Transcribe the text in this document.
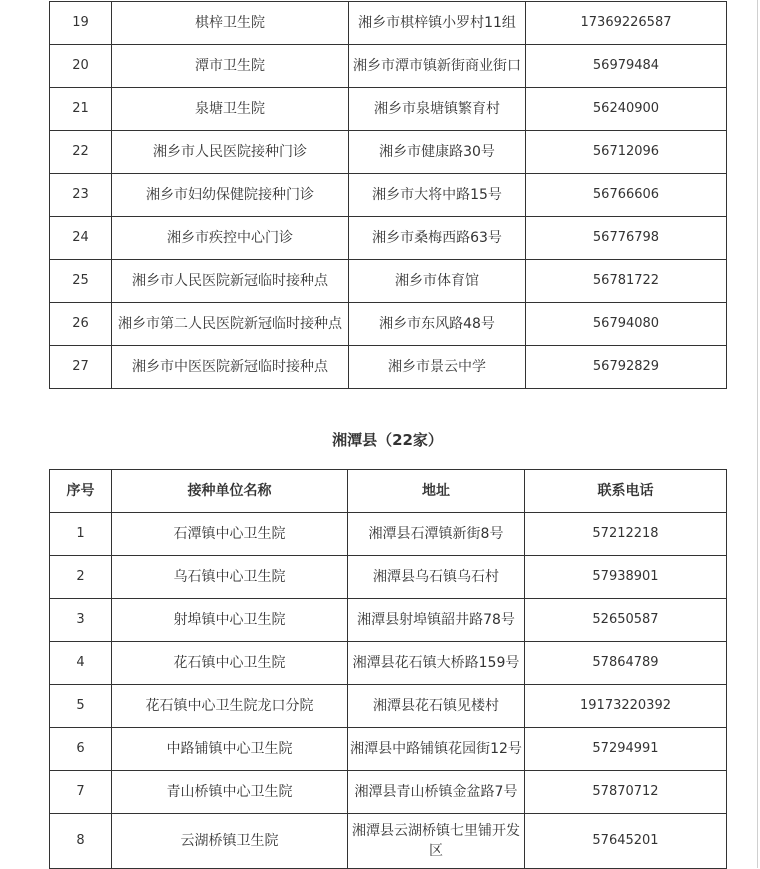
19	棋梓卫生院	湘乡市棋梓镇小罗村11组	17369226587
20	潭市卫生院	湘乡市潭市镇新街商业街口	56979484
21	泉塘卫生院	湘乡市泉塘镇繁育村	56240900
22	湘乡市人民医院接种门诊	湘乡市健康路30号	56712096
23	湘乡市妇幼保健院接种门诊	湘乡市大将中路15号	56766606
24	湘乡市疾控中心门诊	湘乡市桑梅西路63号	56776798
25	湘乡市人民医院新冠临时接种点	湘乡市体育馆	56781722
26	湘乡市第二人民医院新冠临时接种点	湘乡市东风路48号	56794080
27	湘乡市中医医院新冠临时接种点	湘乡市景云中学	56792829
湘潭县（22家）
序号	接种单位名称	地址	联系电话
1	石潭镇中心卫生院	湘潭县石潭镇新街8号	57212218
2	乌石镇中心卫生院	湘潭县乌石镇乌石村	57938901
3	射埠镇中心卫生院	湘潭县射埠镇韶井路78号	52650587
4	花石镇中心卫生院	湘潭县花石镇大桥路159号	57864789
5	花石镇中心卫生院龙口分院	湘潭县花石镇见楼村	19173220392
6	中路铺镇中心卫生院	湘潭县中路铺镇花园街12号	57294991
7	青山桥镇中心卫生院	湘潭县青山桥镇金盆路7号	57870712
8	云湖桥镇卫生院	湘潭县云湖桥镇七里铺开发区	57645201
